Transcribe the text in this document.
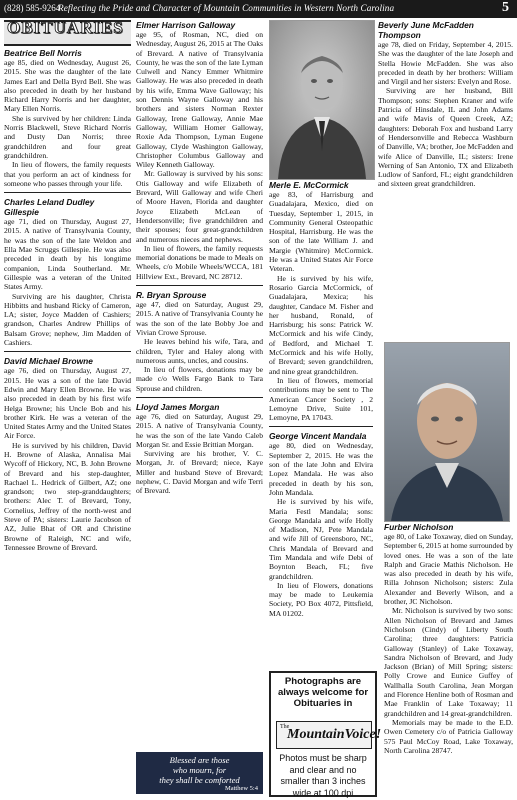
(828) 585-9264
Reflecting the Pride and Character of Mountain Communities in Western North Carolina	5
OBITUARIES
Beatrice Bell Norris

age 85, died on Wednesday, August 26, 2015. She was the daughter of the late James Earl and Della Byrd Bell. She was also preceded in death by her husband Richard Harry Norris and her daughter, Mary Ellen Norris.

She is survived by her children: Linda Norris Blackwell, Steve Richard Norris and Dusty Dan Norris; three grandchildren and four great grandchildren.

In lieu of flowers, the family requests that you perform an act of kindness for someone who passes through your life.

Charles Leland Dudley Gillespie

age 71, died on Thursday, August 27, 2015. A native of Transylvania County, he was the son of the late Weldon and Ella Mae Scruggs Gillespie. He was also preceded in death by his longtime companion, Linda Southerland. Mr. Gillespie was a veteran of the United States Army.

Surviving are his daughter, Christa Hibbitts and husband Ricky of Cameron, LA; sister, Joyce Madden of Cashiers; grandson, Charles Andrew Phillips of Balsam Grove; nephew, Jim Madden of Cashiers.

David Michael Browne

age 76, died on Thursday, August 27, 2015. He was a son of the late David Edwin and Mary Ellen Browne. He was also preceded in death by his first wife Helga Browne; his Uncle Bob and his brother Kirk. He was a veteran of the United States Army and the United States Air Force.

He is survived by his children, David H. Browne of Alaska, Annalisa Mai Wycoff of Hickory, NC, B. John Browne of Brevard and his step-daughter, Rachael L. Hedrick of Gilbert, AZ; one grandson; two step-granddaughters; brothers: Alec T. of Brevard, Tony, Cornelius, Jeffrey of the north-west and Steve of PA; sisters: Laurie Jacobson of AZ, Julie Bhat of OR and Christine Browne of Raleigh, NC and wife, Tennessee Browne of Brevard.

Elmer Harrison Galloway

age 95, of Rosman, NC, died on Wednesday, August 26, 2015 at The Oaks of Brevard. A native of Transylvania County, he was the son of the late Lyman Culwell and Nancy Emmer Whitmire Galloway. He was also preceded in death by his wife, Emma Wave Galloway; his son Dennis Wayne Galloway and his brothers and sisters Norman Rexter Galloway, Irene Galloway, Annie Mae Galloway, William Homer Galloway, Roxie Ada Thompson, Lyman Eugene Galloway, Clyde Washington Galloway, Christopher Columbus Galloway and Wiley Kenneth Galloway.

Mr. Galloway is survived by his sons: Otis Galloway and wife Elizabeth of Brevard, Will Galloway and wife Cheri of Moore Haven, Florida and daughter Joyce Elizabeth McLean of Hendersonville; five grandchildren and their spouses; four great-grandchildren and numerous nieces and nephews.

In lieu of flowers, the family requests memorial donations be made to Meals on Wheels, c/o Mobile Wheels/WCCA, 181 Hillview Ext., Brevard, NC 28712.

R. Bryan Sprouse

age 47, died on Saturday, August 29, 2015. A native of Transylvania County he was the son of the late Bobby Joe and Vivian Crowe Sprouse.

He leaves behind his wife, Tara, and children, Tyler and Haley along with numerous aunts, uncles, and cousins.

In lieu of flowers, donations may be made c/o Wells Fargo Bank to Tara Sprouse and children.

Lloyd James Morgan

age 76, died on Saturday, August 29, 2015. A native of Transylvania County, he was the son of the late Vando Caleb Morgan Sr. and Essie Brittian Morgan.

Surviving are his brother, V. C. Morgan, Jr. of Brevard; niece, Kaye Miller and husband Steve of Brevard; nephew, C. David Morgan and wife Terri of Brevard.

Blessed are those
who mourn, for
they shall be comforted
Matthew 5:4
Merle E. McCormick

age 83, of Harrisburg and Guadalajara, Mexico, died on Tuesday, September 1, 2015, in Community General Osteopathic Hospital, Harrisburg. He was the son of the late William J. and Margie (Whitmire) McCormick. He was a United States Air Force Veteran.

He is survived by his wife, Rosario Garcia McCormick, of Guadalajara, Mexica; his daughter, Candace M. Fisher and her husband, Ronald, of Harrisburg; his sons: Patrick W. McCormick and his wife Cindy, of Bedford, and Michael T. McCormick and his wife Holly, of Brevard; seven grandchildren, and nine great grandchildren.

In lieu of flowers, memorial contributions may be sent to The American Cancer Society , 2 Lemoyne Drive, Suite 101, Lemoyne, PA 17043.

George Vincent Mandala

age 80, died on Wednesday, September 2, 2015. He was the son of the late John and Elvira Lopez Mandala. He was also preceded in death by his son, John Mandala.

He is survived by his wife, Maria Festl Mandala; sons: George Mandala and wife Holly of Madison, NJ, Pete Mandala and wife Jill of Greensboro, NC, Chris Mandala of Brevard and Tim Mandala and wife Debi of Boynton Beach, FL; five grandchildren.

In lieu of Flowers, donations may be made to Leukemia Society, PO Box 4072, Pittsfield, MA 01202.

Photographs are always welcome for Obituaries in
The
MountainVoice!
Photos must be sharp and clear and no smaller than 3 inches wide at 100 dpi
Beverly June McFadden Thompson

age 78, died on Friday, September 4, 2015. She was the daughter of the late Joseph and Stella Howie McFadden. She was also preceded in death by her brothers: William and Virgil and her sisters: Evelyn and Rose.

Surviving are her husband, Bill Thompson; sons: Stephen Kraner and wife Patricia of Hinsdale, IL and John Adams and wife Mavis of Queen Creek, AZ; daughters: Deborah Fox and husband Larry of Hendersonville and Rebecca Washburn of Danville, VA; brother, Joe McFadden and wife Alice of Danville, IL; sisters: Irene Werning of San Antonio, TX and Elizabeth Ludlow of Sanford, FL; eight grandchildren and sixteen great grandchildren.

Furber Nicholson

age 80, of Lake Toxaway, died on Sunday, September 6, 2015 at home surrounded by loved ones. He was a son of the late Ralph and Gracie Mathis Nicholson. He was also preceded in death by his wife, Rilla Johnson Nicholson; sisters: Zula Alexander and Beverly Wilson, and a brother, JC Nicholson.

Mr. Nicholson is survived by two sons: Allen Nicholson of Brevard and James Nicholson (Cindy) of Liberty South Carolina; three daughters: Patricia Galloway (Stanley) of Lake Toxaway, Sandra Nicholson of Brevard, and Judy Jackson (Brian) of Mill Spring; sisters: Polly Crowe and Eunice Guffey of Wallhalla South Carolina, Jean Morgan and Florence Henline both of Rosman and Mae Franklin of Lake Toxaway; 11 grandchildren and 14 great-grandchildren.

Memorials may be made to the E.D. Owen Cemetery c/o of Patricia Galloway 575 Paul McCoy Road, Lake Toxaway, North Carolina 28747.
